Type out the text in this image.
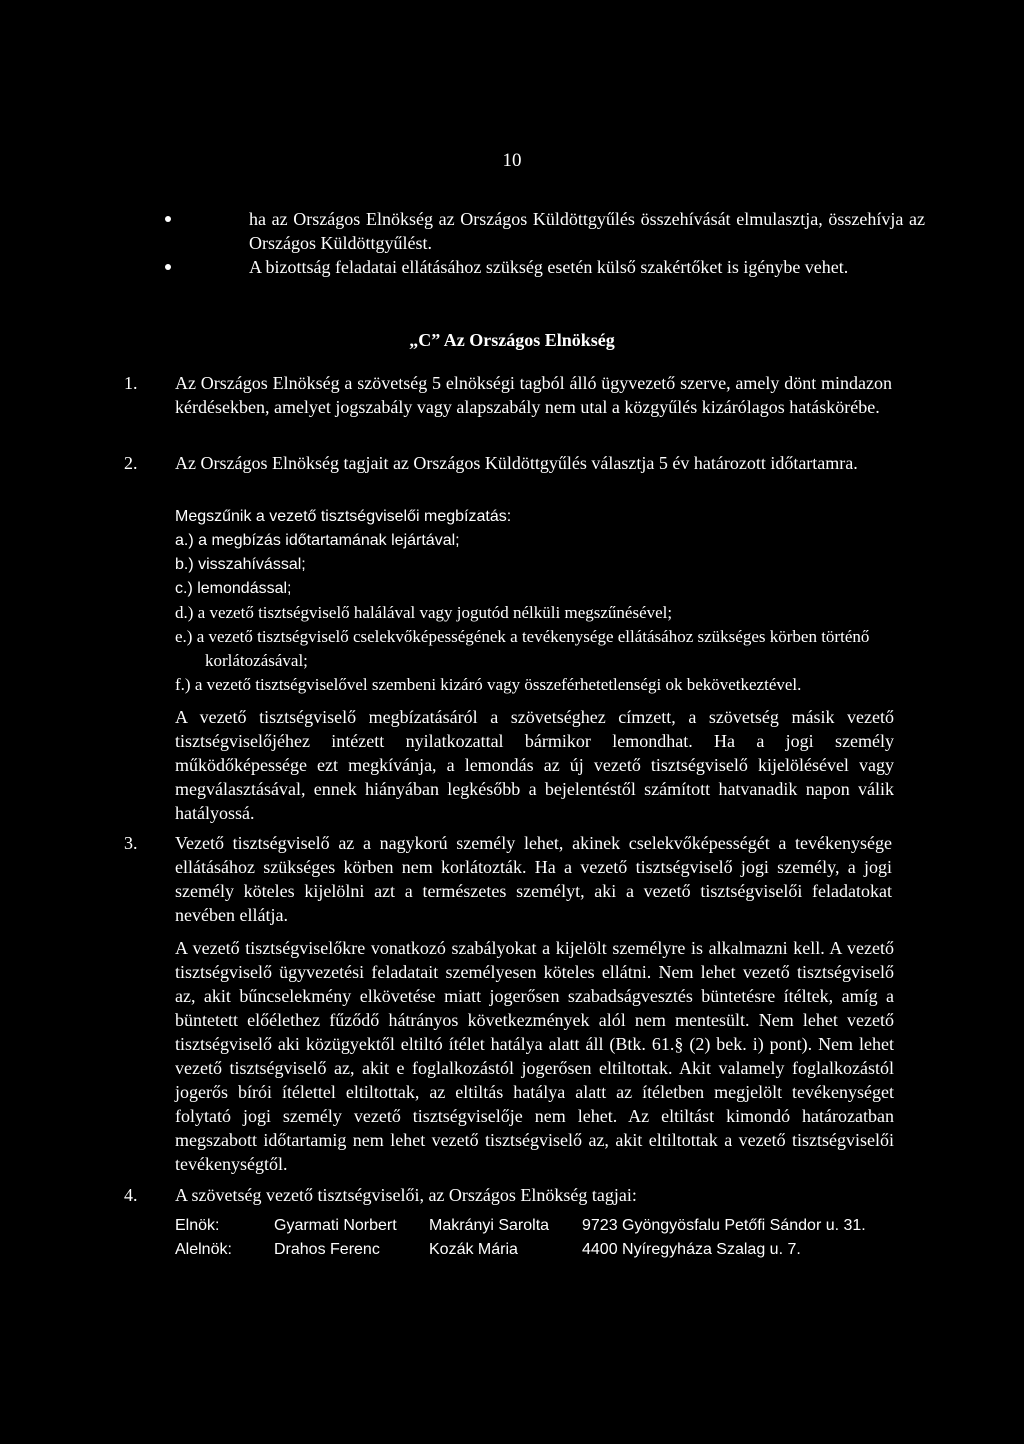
10
ha az Országos Elnökség az Országos Küldöttgyűlés összehívását elmulasztja, összehívja az Országos Küldöttgyűlést.
A bizottság feladatai ellátásához szükség esetén külső szakértőket is igénybe vehet.
„C” Az Országos Elnökség
1. Az Országos Elnökség a szövetség 5 elnökségi tagból álló ügyvezető szerve, amely dönt mindazon kérdésekben, amelyet jogszabály vagy alapszabály nem utal a közgyűlés kizárólagos hatáskörébe.
2. Az Országos Elnökség tagjait az Országos Küldöttgyűlés választja 5 év határozott időtartamra.
Megszűnik a vezető tisztségviselői megbízatás:
a.) a megbízás időtartamának lejártával;
b.) visszahívással;
c.) lemondással;
d.) a vezető tisztségviselő halálával vagy jogutód nélküli megszűnésével;
e.) a vezető tisztségviselő cselekvőképességének a tevékenysége ellátásához szükséges körben történő korlátozásával;
f.) a vezető tisztségviselővel szembeni kizáró vagy összeférhetetlenségi ok bekövetkeztével.
A vezető tisztségviselő megbízatásáról a szövetséghez címzett, a szövetség másik vezető tisztségviselőjéhez intézett nyilatkozattal bármikor lemondhat. Ha a jogi személy működőképessége ezt megkívánja, a lemondás az új vezető tisztségviselő kijelölésével vagy megválasztásával, ennek hiányában legkésőbb a bejelentéstől számított hatvanadik napon válik hatályossá.
3. Vezető tisztségviselő az a nagykorú személy lehet, akinek cselekvőképességét a tevékenysége ellátásához szükséges körben nem korlátozták. Ha a vezető tisztségviselő jogi személy, a jogi személy köteles kijelölni azt a természetes személyt, aki a vezető tisztségviselői feladatokat nevében ellátja.
A vezető tisztségviselőkre vonatkozó szabályokat a kijelölt személyre is alkalmazni kell. A vezető tisztségviselő ügyvezetési feladatait személyesen köteles ellátni. Nem lehet vezető tisztségviselő az, akit bűncselekmény elkövetése miatt jogerősen szabadságvesztés büntetésre ítéltek, amíg a büntetett előélethez fűződő hátrányos következmények alól nem mentesült. Nem lehet vezető tisztségviselő aki közügyektől eltiltó ítélet hatálya alatt áll (Btk. 61.§ (2) bek. i) pont). Nem lehet vezető tisztségviselő az, akit e foglalkozástól jogerősen eltiltottak. Akit valamely foglalkozástól jogerős bírói ítélettel eltiltottak, az eltiltás hatálya alatt az ítéletben megjelölt tevékenységet folytató jogi személy vezető tisztségviselője nem lehet. Az eltiltást kimondó határozatban megszabott időtartamig nem lehet vezető tisztségviselő az, akit eltiltottak a vezető tisztségviselői tevékenységtől.
4. A szövetség vezető tisztségviselői, az Országos Elnökség tagjai:
Elnök:	Gyarmati Norbert	Makrányi Sarolta	9723 Gyöngyösfalu Petőfi Sándor u. 31.
Alelnök:	Drahos Ferenc	Kozák Mária	4400 Nyíregyháza Szalag u. 7.
